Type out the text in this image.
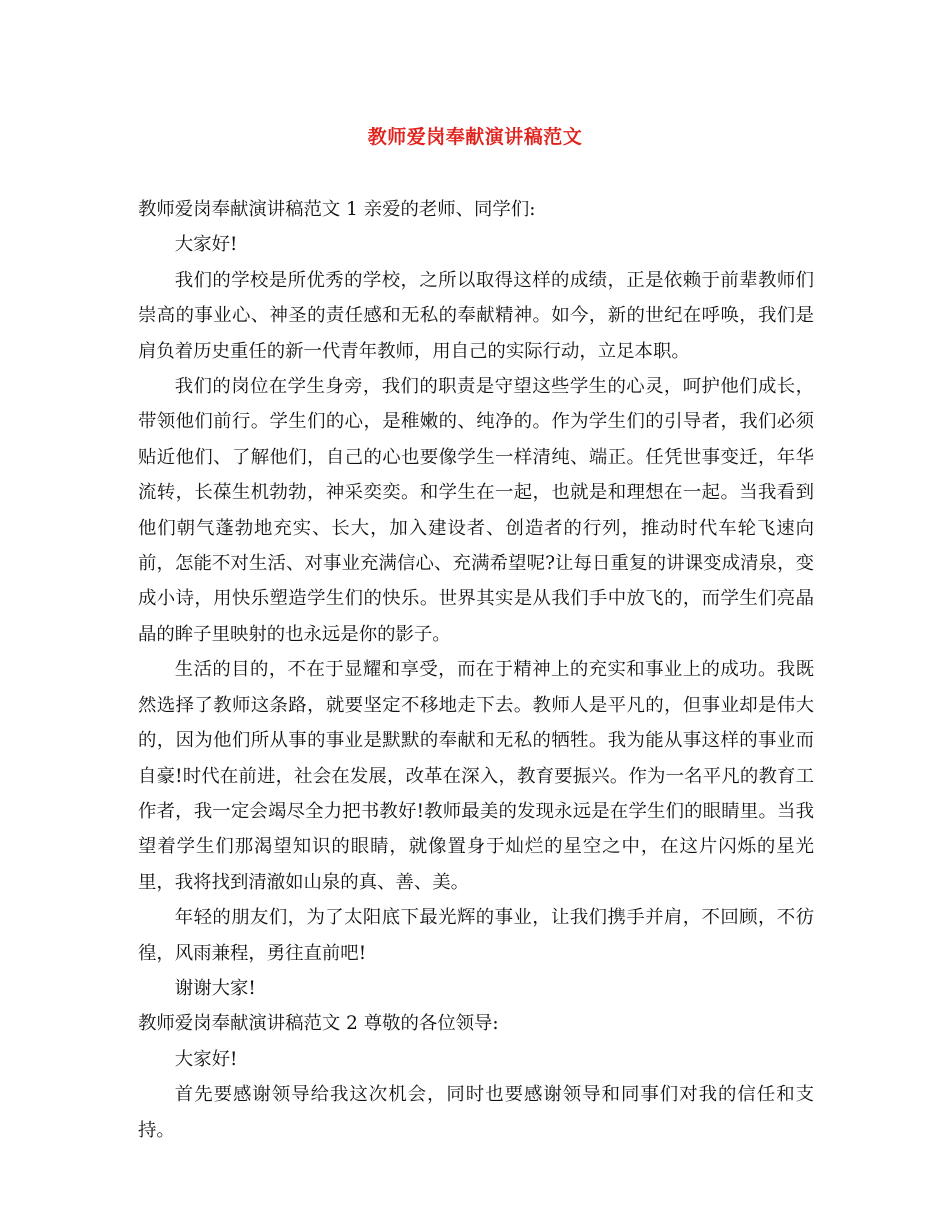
教师爱岗奉献演讲稿范文

教师爱岗奉献演讲稿范文 1 亲爱的老师、同学们:

大家好!

我们的学校是所优秀的学校，之所以取得这样的成绩，正是依赖于前辈教师们崇高的事业心、神圣的责任感和无私的奉献精神。如今，新的世纪在呼唤，我们是肩负着历史重任的新一代青年教师，用自己的实际行动，立足本职。

我们的岗位在学生身旁，我们的职责是守望这些学生的心灵，呵护他们成长，带领他们前行。学生们的心，是稚嫩的、纯净的。作为学生们的引导者，我们必须贴近他们、了解他们，自己的心也要像学生一样清纯、端正。任凭世事变迁，年华流转，长葆生机勃勃，神采奕奕。和学生在一起，也就是和理想在一起。当我看到他们朝气蓬勃地充实、长大，加入建设者、创造者的行列，推动时代车轮飞速向前，怎能不对生活、对事业充满信心、充满希望呢?让每日重复的讲课变成清泉，变成小诗，用快乐塑造学生们的快乐。世界其实是从我们手中放飞的，而学生们亮晶晶的眸子里映射的也永远是你的影子。

生活的目的，不在于显耀和享受，而在于精神上的充实和事业上的成功。我既然选择了教师这条路，就要坚定不移地走下去。教师人是平凡的，但事业却是伟大的，因为他们所从事的事业是默默的奉献和无私的牺牲。我为能从事这样的事业而自豪!时代在前进，社会在发展，改革在深入，教育要振兴。作为一名平凡的教育工作者，我一定会竭尽全力把书教好!教师最美的发现永远是在学生们的眼睛里。当我望着学生们那渴望知识的眼睛，就像置身于灿烂的星空之中，在这片闪烁的星光里，我将找到清澈如山泉的真、善、美。

年轻的朋友们，为了太阳底下最光辉的事业，让我们携手并肩，不回顾，不彷徨，风雨兼程，勇往直前吧!

谢谢大家!

教师爱岗奉献演讲稿范文 2 尊敬的各位领导:

大家好!

首先要感谢领导给我这次机会，同时也要感谢领导和同事们对我的信任和支持。
